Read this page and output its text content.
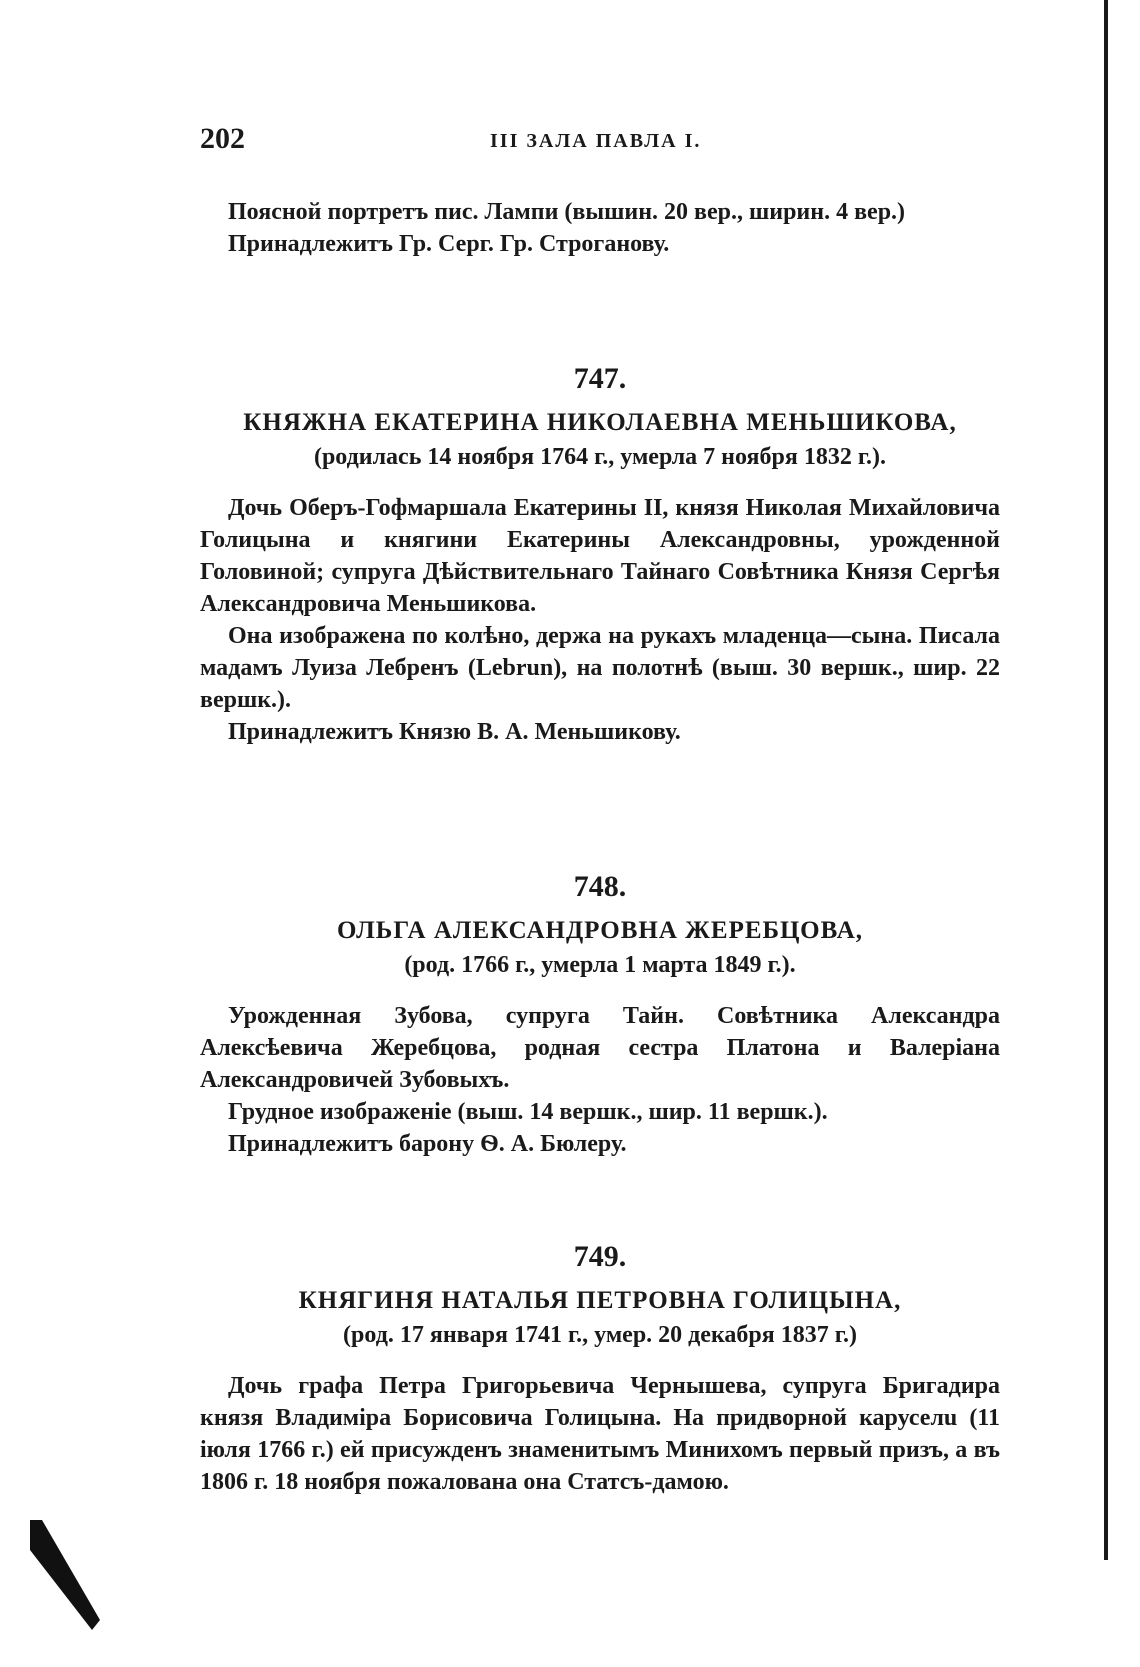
202	III ЗАЛА ПАВЛА I.

Поясной портретъ пис. Лампи (вышин. 20 вер., ширин. 4 вер.)

Принадлежитъ Гр. Серг. Гр. Строганову.

747.
КНЯЖНА ЕКАТЕРИНА НИКОЛАЕВНА МЕНЬШИКОВА,
(родилась 14 ноября 1764 г., умерла 7 ноября 1832 г.).

Дочь Оберъ-Гофмаршала Екатерины II, князя Николая Михайловича Голицына и княгини Екатерины Александровны, урожденной Головиной; супруга Дѣйствительнаго Тайнаго Совѣтника Князя Сергѣя Александровича Меньшикова.

Она изображена по колѣно, держа на рукахъ младенца—сына. Писала мадамъ Луиза Лебренъ (Lebrun), на полотнѣ (выш. 30 вершк., шир. 22 вершк.).

Принадлежитъ Князю В. А. Меньшикову.

748.
ОЛЬГА АЛЕКСАНДРОВНА ЖЕРЕБЦОВА,
(род. 1766 г., умерла 1 марта 1849 г.).

Урожденная Зубова, супруга Тайн. Совѣтника Александра Алексѣевича Жеребцова, родная сестра Платона и Валеріана Александровичей Зубовыхъ.

Грудное изображеніе (выш. 14 вершк., шир. 11 вершк.).

Принадлежитъ барону Ѳ. А. Бюлеру.

749.
КНЯГИНЯ НАТАЛЬЯ ПЕТРОВНА ГОЛИЦЫНА,
(род. 17 января 1741 г., умер. 20 декабря 1837 г.)

Дочь графа Петра Григорьевича Чернышева, супруга Бригадира князя Владиміра Борисовича Голицына. На придворной каруселu (11 іюля 1766 г.) ей присужденъ знаменитымъ Минихомъ первый призъ, а въ 1806 г. 18 ноября пожалована она Статсъ-дамою.
